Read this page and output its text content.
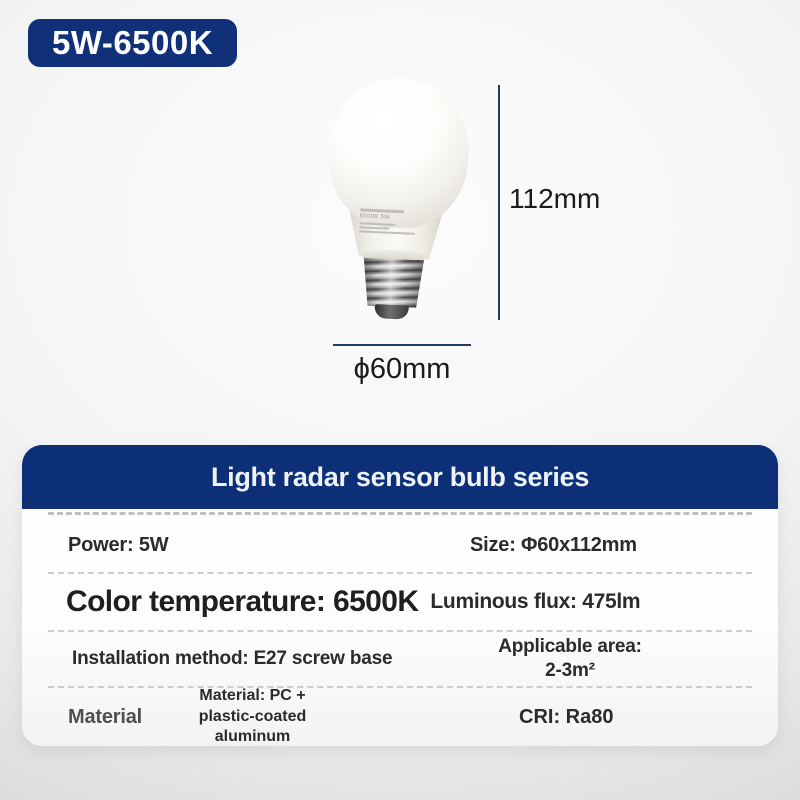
5W-6500K
6500K 5W
112mm
ϕ60mm
Light radar sensor bulb series
Power: 5W	Size: Φ60x112mm
Color temperature: 6500K Luminous flux: 475lm
Installation method: E27 screw base
Applicable area:
2-3m²
Material
Material: PC + plastic-coated aluminum
CRI: Ra80
